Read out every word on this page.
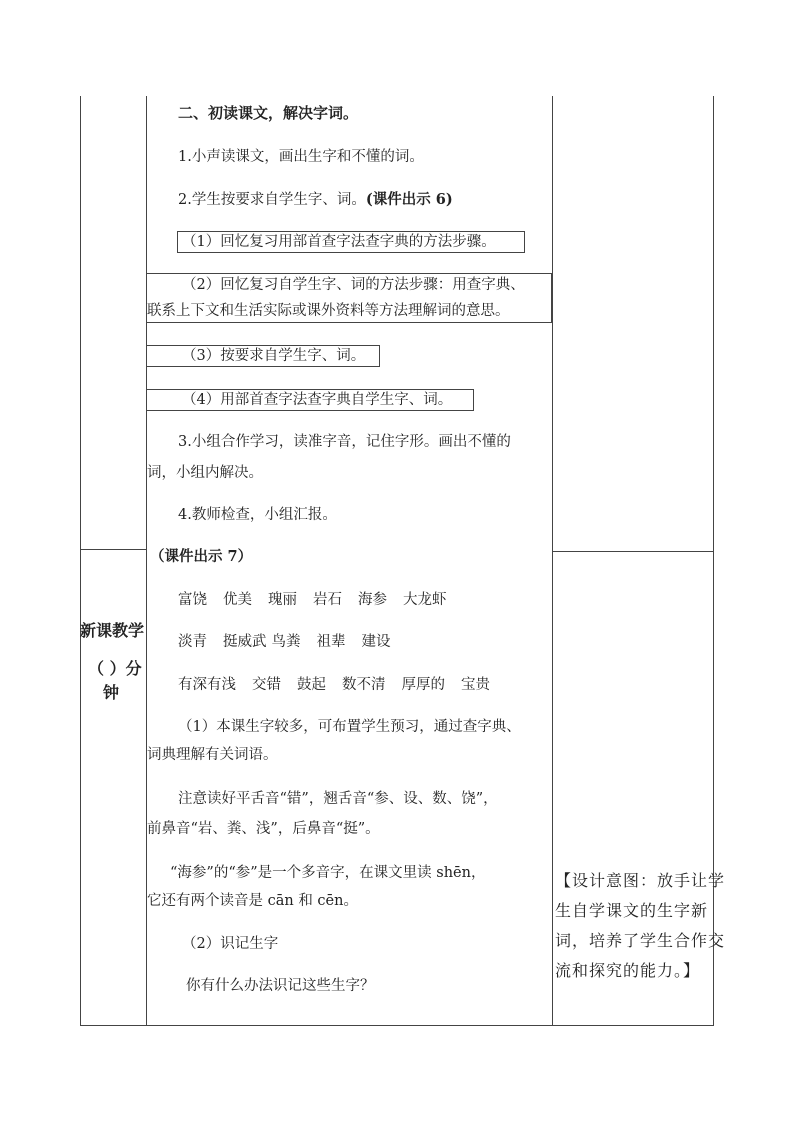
二、初读课文，解决字词。
1.小声读课文，画出生字和不懂的词。
2.学生按要求自学生字、词。(课件出示 6)
（1）回忆复习用部首查字法查字典的方法步骤。
（2）回忆复习自学生字、词的方法步骤：用查字典、
联系上下文和生活实际或课外资料等方法理解词的意思。
（3）按要求自学生字、词。
（4）用部首查字法查字典自学生字、词。
3.小组合作学习，读准字音，记住字形。画出不懂的
词，小组内解决。
4.教师检查，小组汇报。
（课件出示 7）
富饶 优美 瑰丽 岩石 海参 大龙虾
淡青 挺威武 鸟粪 祖辈 建设
有深有浅 交错 鼓起 数不清 厚厚的 宝贵
（1）本课生字较多，可布置学生预习，通过查字典、
词典理解有关词语。
注意读好平舌音“错”，翘舌音“参、设、数、饶”，
前鼻音“岩、粪、浅”，后鼻音“挺”。
“海参”的“参”是一个多音字，在课文里读 shēn，
它还有两个读音是 cān 和 cēn。
（2）识记生字
你有什么办法识记这些生字？
新课教学
（ ）分
钟
【设计意图：放手让学
生自学课文的生字新
词，培养了学生合作交
流和探究的能力。】
